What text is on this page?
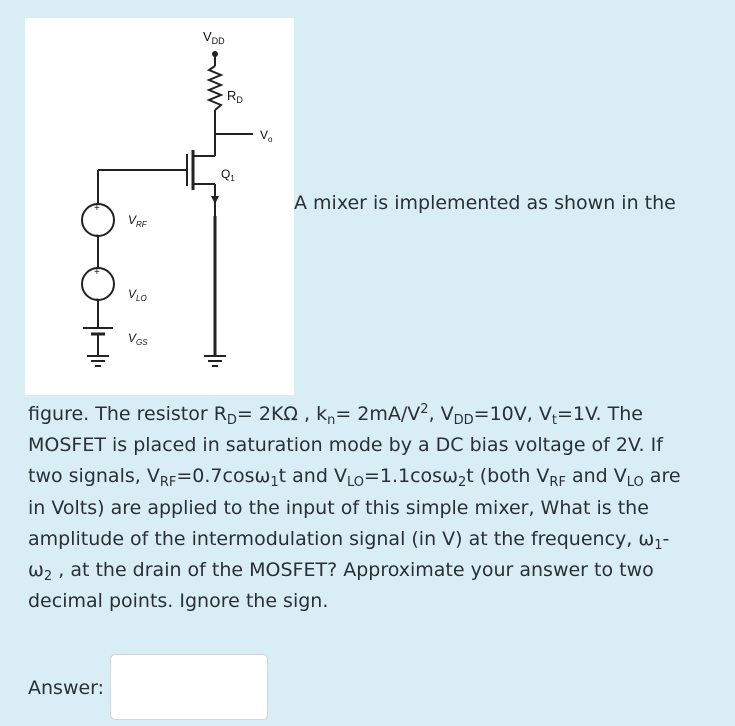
$V_{DD}$
$R_D$
$V_o$
$Q_1$
+
-
$V_{RF}$
+
- $V_{LO}$
$V_{GS}$
A mixer is implemented as shown in the
figure. The resistor $R_D= 2K\Omega$ , $k_n= 2mA/V^2$, $V_{DD}=10V$, $V_t=1V$. The
MOSFET is placed in saturation mode by a DC bias voltage of 2V. If
two signals, $V_{RF}=0.7\cos\omega_1t$ and $V_{LO}=1.1\cos\omega_2t$ (both $V_{RF}$ and $V_{LO}$ are
in Volts) are applied to the input of this simple mixer, What is the
amplitude of the intermodulation signal (in V) at the frequency, $\omega_1-$
$\omega_2$ , at the drain of the MOSFET? Approximate your answer to two
decimal points. Ignore the sign.
Answer:
